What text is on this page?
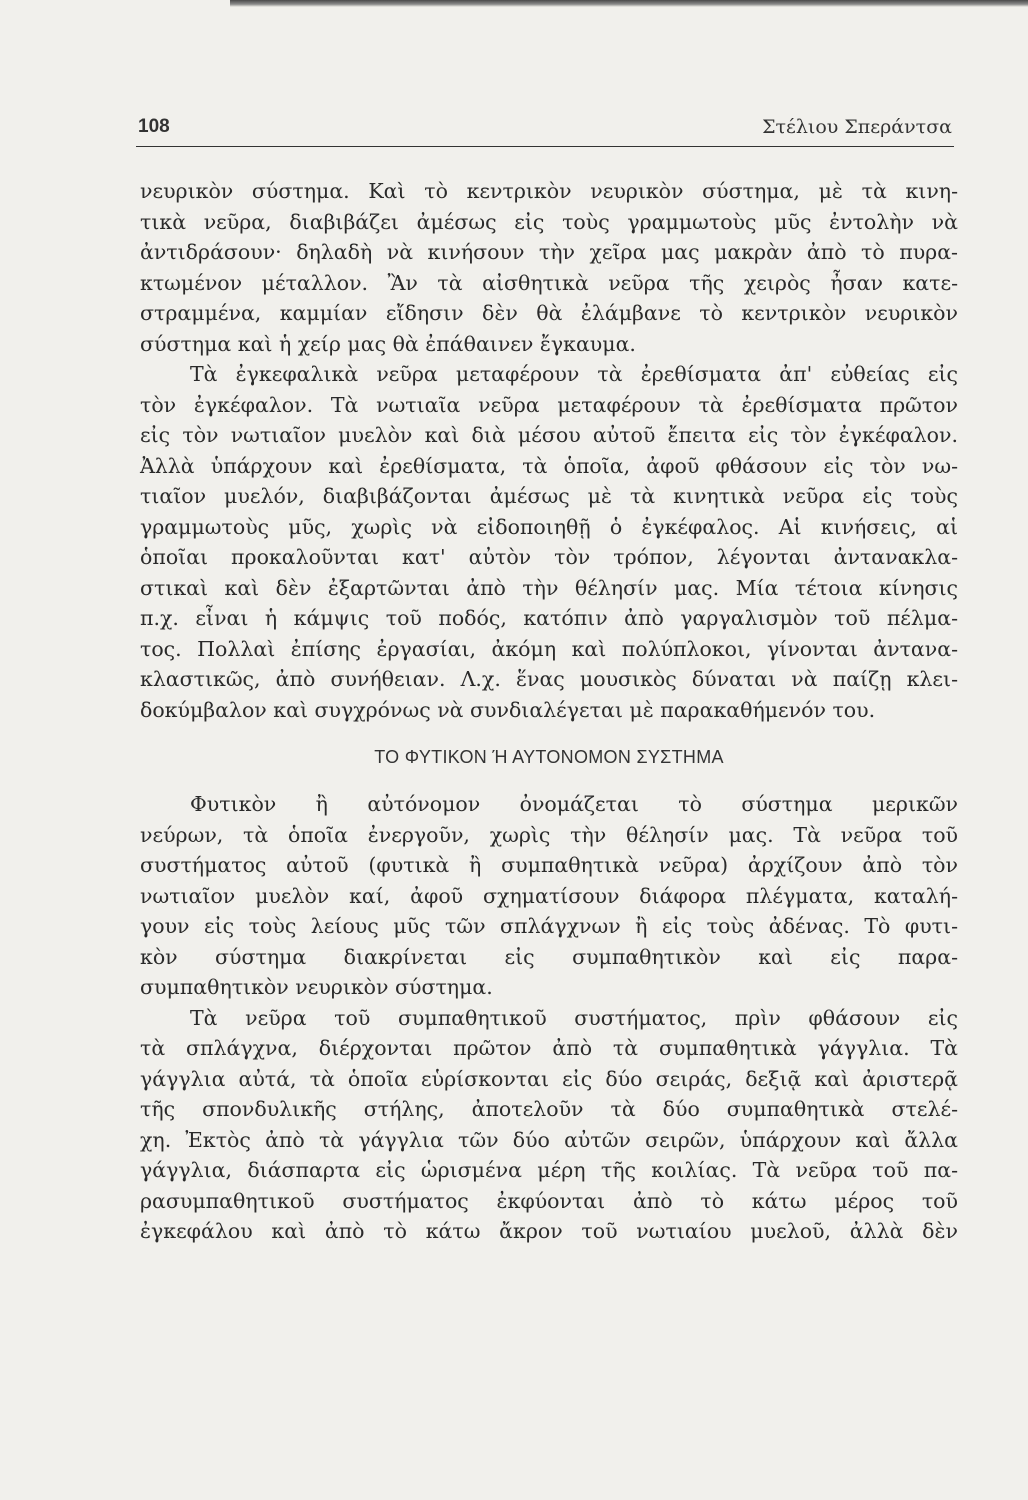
108	Στέλιου Σπεράντσα
νευρικὸν σύστημα. Καὶ τὸ κεντρικὸν νευρικὸν σύστημα, μὲ τὰ κινη-
τικὰ νεῦρα, διαβιβάζει ἀμέσως εἰς τοὺς γραμμωτοὺς μῦς ἐντολὴν νὰ
ἀντιδράσουν· δηλαδὴ νὰ κινήσουν τὴν χεῖρα μας μακρὰν ἀπὸ τὸ πυρα-
κτωμένον μέταλλον. Ἂν τὰ αἰσθητικὰ νεῦρα τῆς χειρὸς ἦσαν κατε-
στραμμένα, καμμίαν εἴδησιν δὲν θὰ ἐλάμβανε τὸ κεντρικὸν νευρικὸν
σύστημα καὶ ἡ χείρ μας θὰ ἐπάθαινεν ἔγκαυμα.
Τὰ ἐγκεφαλικὰ νεῦρα μεταφέρουν τὰ ἐρεθίσματα ἀπ' εὐθείας εἰς
τὸν ἐγκέφαλον. Τὰ νωτιαῖα νεῦρα μεταφέρουν τὰ ἐρεθίσματα πρῶτον
εἰς τὸν νωτιαῖον μυελὸν καὶ διὰ μέσου αὐτοῦ ἔπειτα εἰς τὸν ἐγκέφαλον.
Ἀλλὰ ὑπάρχουν καὶ ἐρεθίσματα, τὰ ὁποῖα, ἀφοῦ φθάσουν εἰς τὸν νω-
τιαῖον μυελόν, διαβιβάζονται ἀμέσως μὲ τὰ κινητικὰ νεῦρα εἰς τοὺς
γραμμωτοὺς μῦς, χωρὶς νὰ εἰδοποιηθῇ ὁ ἐγκέφαλος. Αἱ κινήσεις, αἱ
ὁποῖαι προκαλοῦνται κατ' αὐτὸν τὸν τρόπον, λέγονται ἀντανακλα-
στικαὶ καὶ δὲν ἐξαρτῶνται ἀπὸ τὴν θέλησίν μας. Μία τέτοια κίνησις
π.χ. εἶναι ἡ κάμψις τοῦ ποδός, κατόπιν ἀπὸ γαργαλισμὸν τοῦ πέλμα-
τος. Πολλαὶ ἐπίσης ἐργασίαι, ἀκόμη καὶ πολύπλοκοι, γίνονται ἀντανα-
κλαστικῶς, ἀπὸ συνήθειαν. Λ.χ. ἕνας μουσικὸς δύναται νὰ παίζῃ κλει-
δοκύμβαλον καὶ συγχρόνως νὰ συνδιαλέγεται μὲ παρακαθήμενόν του.
ΤΟ ΦΥΤΙΚΟΝ Ή ΑΥΤΟΝΟΜΟΝ ΣΥΣΤΗΜΑ
Φυτικὸν ἢ αὐτόνομον ὀνομάζεται τὸ σύστημα μερικῶν
νεύρων, τὰ ὁποῖα ἐνεργοῦν, χωρὶς τὴν θέλησίν μας. Τὰ νεῦρα τοῦ
συστήματος αὐτοῦ (φυτικὰ ἢ συμπαθητικὰ νεῦρα) ἀρχίζουν ἀπὸ τὸν
νωτιαῖον μυελὸν καί, ἀφοῦ σχηματίσουν διάφορα πλέγματα, καταλή-
γουν εἰς τοὺς λείους μῦς τῶν σπλάγχνων ἢ εἰς τοὺς ἀδένας. Τὸ φυτι-
κὸν σύστημα διακρίνεται εἰς συμπαθητικὸν καὶ εἰς παρα-
συμπαθητικὸν νευρικὸν σύστημα.
Τὰ νεῦρα τοῦ συμπαθητικοῦ συστήματος, πρὶν φθάσουν εἰς
τὰ σπλάγχνα, διέρχονται πρῶτον ἀπὸ τὰ συμπαθητικὰ γάγγλια. Τὰ
γάγγλια αὐτά, τὰ ὁποῖα εὑρίσκονται εἰς δύο σειράς, δεξιᾷ καὶ ἀριστερᾷ
τῆς σπονδυλικῆς στήλης, ἀποτελοῦν τὰ δύο συμπαθητικὰ στελέ-
χη. Ἐκτὸς ἀπὸ τὰ γάγγλια τῶν δύο αὐτῶν σειρῶν, ὑπάρχουν καὶ ἄλλα
γάγγλια, διάσπαρτα εἰς ὡρισμένα μέρη τῆς κοιλίας. Τὰ νεῦρα τοῦ πα-
ρασυμπαθητικοῦ συστήματος ἐκφύονται ἀπὸ τὸ κάτω μέρος τοῦ
ἐγκεφάλου καὶ ἀπὸ τὸ κάτω ἄκρον τοῦ νωτιαίου μυελοῦ, ἀλλὰ δὲν
